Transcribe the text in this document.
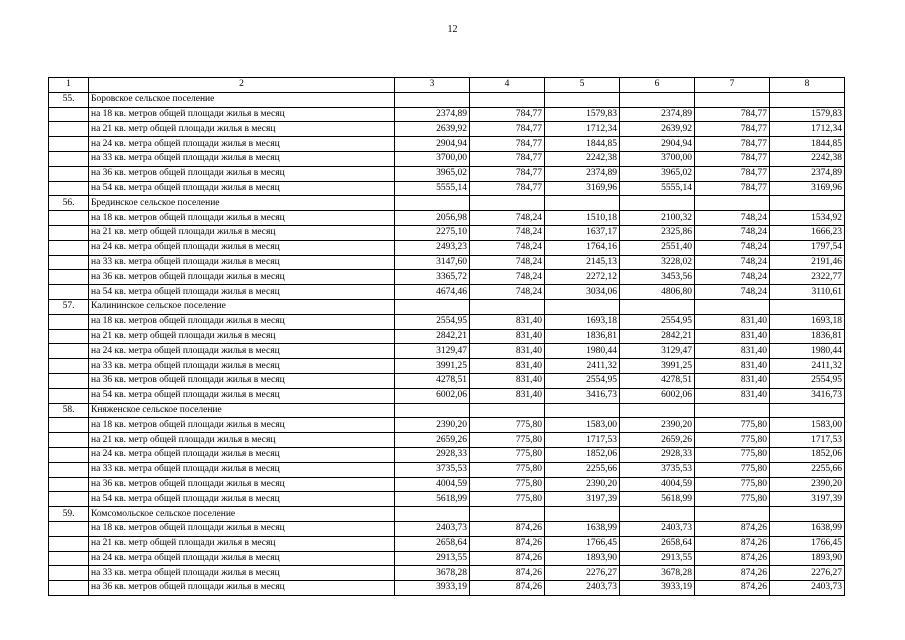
12
1	2	3	4	5	6	7	8
55.	Боровское сельское поселение						
	на 18 кв. метров общей площади жилья в месяц	2374,89	784,77	1579,83	2374,89	784,77	1579,83
	на 21 кв. метр общей площади жилья в месяц	2639,92	784,77	1712,34	2639,92	784,77	1712,34
	на 24 кв. метра общей площади жилья в месяц	2904,94	784,77	1844,85	2904,94	784,77	1844,85
	на 33 кв. метра общей площади жилья в месяц	3700,00	784,77	2242,38	3700,00	784,77	2242,38
	на 36 кв. метров общей площади жилья в месяц	3965,02	784,77	2374,89	3965,02	784,77	2374,89
	на 54 кв. метра общей площади жилья в месяц	5555,14	784,77	3169,96	5555,14	784,77	3169,96
56.	Брединское сельское поселение						
	на 18 кв. метров общей площади жилья в месяц	2056,98	748,24	1510,18	2100,32	748,24	1534,92
	на 21 кв. метр общей площади жилья в месяц	2275,10	748,24	1637,17	2325,86	748,24	1666,23
	на 24 кв. метра общей площади жилья в месяц	2493,23	748,24	1764,16	2551,40	748,24	1797,54
	на 33 кв. метра общей площади жилья в месяц	3147,60	748,24	2145,13	3228,02	748,24	2191,46
	на 36 кв. метров общей площади жилья в месяц	3365,72	748,24	2272,12	3453,56	748,24	2322,77
	на 54 кв. метра общей площади жилья в месяц	4674,46	748,24	3034,06	4806,80	748,24	3110,61
57.	Калининское сельское поселение						
	на 18 кв. метров общей площади жилья в месяц	2554,95	831,40	1693,18	2554,95	831,40	1693,18
	на 21 кв. метр общей площади жилья в месяц	2842,21	831,40	1836,81	2842,21	831,40	1836,81
	на 24 кв. метра общей площади жилья в месяц	3129,47	831,40	1980,44	3129,47	831,40	1980,44
	на 33 кв. метра общей площади жилья в месяц	3991,25	831,40	2411,32	3991,25	831,40	2411,32
	на 36 кв. метров общей площади жилья в месяц	4278,51	831,40	2554,95	4278,51	831,40	2554,95
	на 54 кв. метра общей площади жилья в месяц	6002,06	831,40	3416,73	6002,06	831,40	3416,73
58.	Княженское сельское поселение						
	на 18 кв. метров общей площади жилья в месяц	2390,20	775,80	1583,00	2390,20	775,80	1583,00
	на 21 кв. метр общей площади жилья в месяц	2659,26	775,80	1717,53	2659,26	775,80	1717,53
	на 24 кв. метра общей площади жилья в месяц	2928,33	775,80	1852,06	2928,33	775,80	1852,06
	на 33 кв. метра общей площади жилья в месяц	3735,53	775,80	2255,66	3735,53	775,80	2255,66
	на 36 кв. метров общей площади жилья в месяц	4004,59	775,80	2390,20	4004,59	775,80	2390,20
	на 54 кв. метра общей площади жилья в месяц	5618,99	775,80	3197,39	5618,99	775,80	3197,39
59.	Комсомольское сельское поселение						
	на 18 кв. метров общей площади жилья в месяц	2403,73	874,26	1638,99	2403,73	874,26	1638,99
	на 21 кв. метр общей площади жилья в месяц	2658,64	874,26	1766,45	2658,64	874,26	1766,45
	на 24 кв. метра общей площади жилья в месяц	2913,55	874,26	1893,90	2913,55	874,26	1893,90
	на 33 кв. метра общей площади жилья в месяц	3678,28	874,26	2276,27	3678,28	874,26	2276,27
	на 36 кв. метров общей площади жилья в месяц	3933,19	874,26	2403,73	3933,19	874,26	2403,73
